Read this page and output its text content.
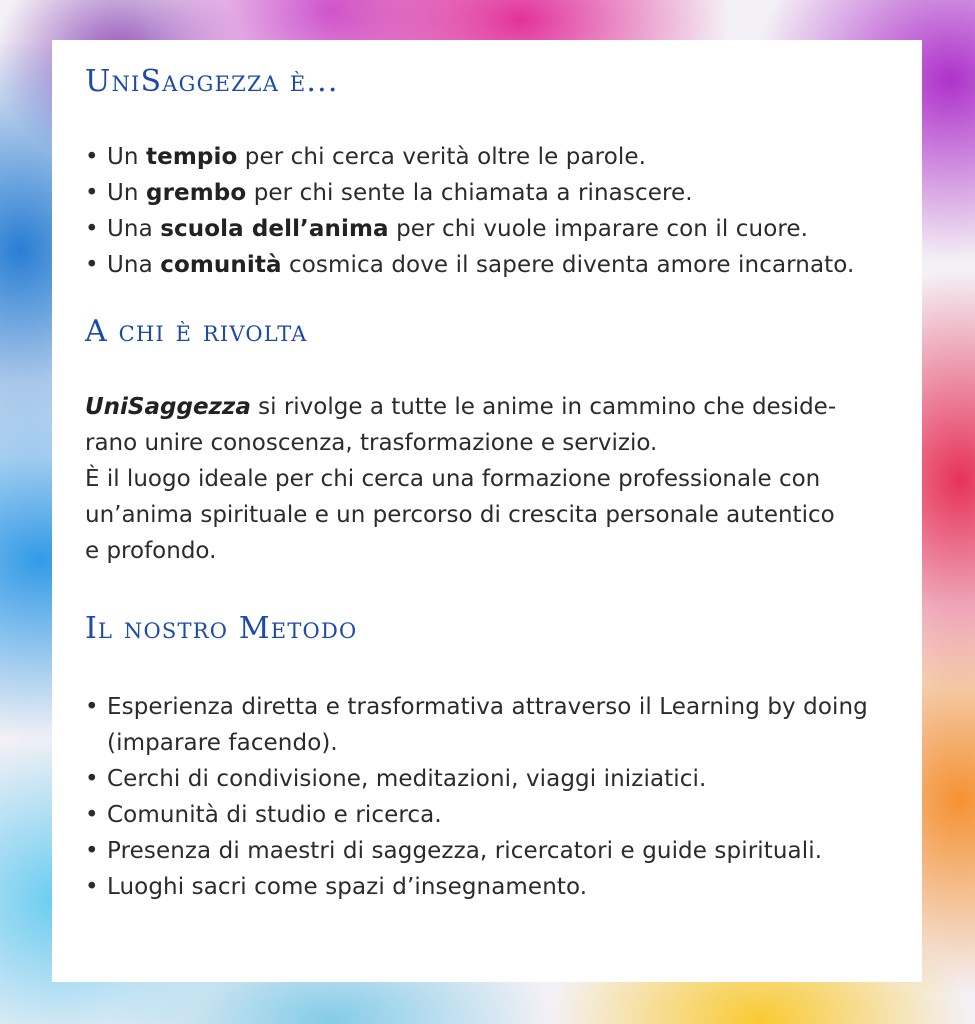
UniSaggezza è...
• Un tempio per chi cerca verità oltre le parole.
• Un grembo per chi sente la chiamata a rinascere.
• Una scuola dell’anima per chi vuole imparare con il cuore.
• Una comunità cosmica dove il sapere diventa amore incarnato.
A chi è rivolta

UniSaggezza si rivolge a tutte le anime in cammino che deside-

rano unire conoscenza, trasformazione e servizio.

È il luogo ideale per chi cerca una formazione professionale con

un’anima spirituale e un percorso di crescita personale autentico

e profondo.

Il nostro Metodo
• Esperienza diretta e trasformativa attraverso il Learning by doing (imparare facendo).
• Cerchi di condivisione, meditazioni, viaggi iniziatici.
• Comunità di studio e ricerca.
• Presenza di maestri di saggezza, ricercatori e guide spirituali.
• Luoghi sacri come spazi d’insegnamento.
